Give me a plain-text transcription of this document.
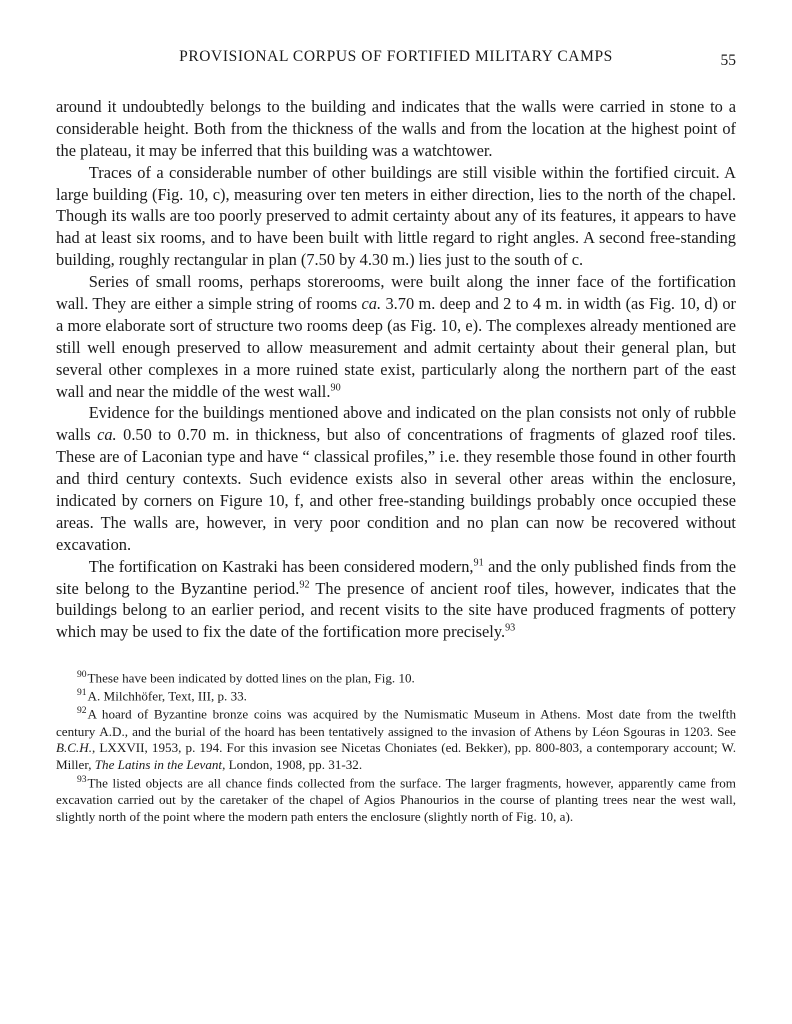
PROVISIONAL CORPUS OF FORTIFIED MILITARY CAMPS	55

around it undoubtedly belongs to the building and indicates that the walls were carried in stone to a considerable height. Both from the thickness of the walls and from the location at the highest point of the plateau, it may be inferred that this building was a watchtower.

Traces of a considerable number of other buildings are still visible within the fortified circuit. A large building (Fig. 10, c), measuring over ten meters in either direction, lies to the north of the chapel. Though its walls are too poorly preserved to admit certainty about any of its features, it appears to have had at least six rooms, and to have been built with little regard to right angles. A second free-standing building, roughly rectangular in plan (7.50 by 4.30 m.) lies just to the south of c.

Series of small rooms, perhaps storerooms, were built along the inner face of the fortification wall. They are either a simple string of rooms ca. 3.70 m. deep and 2 to 4 m. in width (as Fig. 10, d) or a more elaborate sort of structure two rooms deep (as Fig. 10, e). The complexes already mentioned are still well enough preserved to allow measurement and admit certainty about their general plan, but several other complexes in a more ruined state exist, particularly along the northern part of the east wall and near the middle of the west wall.$^{90}$

Evidence for the buildings mentioned above and indicated on the plan consists not only of rubble walls ca. 0.50 to 0.70 m. in thickness, but also of concentrations of fragments of glazed roof tiles. These are of Laconian type and have “ classical profiles,” i.e. they resemble those found in other fourth and third century contexts. Such evidence exists also in several other areas within the enclosure, indicated by corners on Figure 10, f, and other free-standing buildings probably once occupied these areas. The walls are, however, in very poor condition and no plan can now be recovered without excavation.

The fortification on Kastraki has been considered modern,$^{91}$ and the only published finds from the site belong to the Byzantine period.$^{92}$ The presence of ancient roof tiles, however, indicates that the buildings belong to an earlier period, and recent visits to the site have produced fragments of pottery which may be used to fix the date of the fortification more precisely.$^{93}$

$^{90}$These have been indicated by dotted lines on the plan, Fig. 10.

$^{91}$A. Milchhöfer, Text, III, p. 33.

$^{92}$A hoard of Byzantine bronze coins was acquired by the Numismatic Museum in Athens. Most date from the twelfth century A.D., and the burial of the hoard has been tentatively assigned to the invasion of Athens by Léon Sgouras in 1203. See B.C.H., LXXVII, 1953, p. 194. For this invasion see Nicetas Choniates (ed. Bekker), pp. 800-803, a contemporary account; W. Miller, The Latins in the Levant, London, 1908, pp. 31-32.

$^{93}$The listed objects are all chance finds collected from the surface. The larger fragments, however, apparently came from excavation carried out by the caretaker of the chapel of Agios Phanourios in the course of planting trees near the west wall, slightly north of the point where the modern path enters the enclosure (slightly north of Fig. 10, a).
